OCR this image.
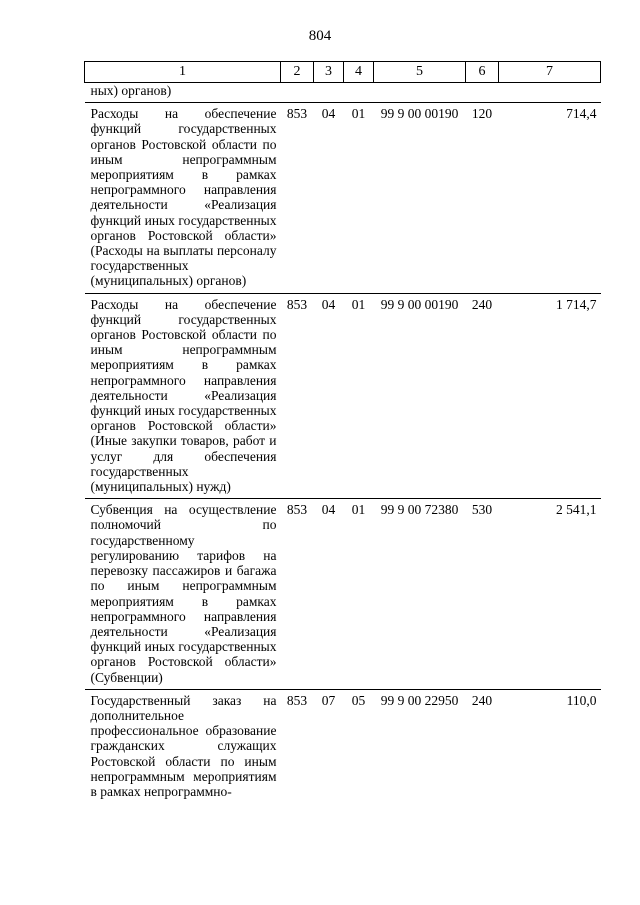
804
1	2	3	4	5	6	7
ных) органов)						
Расходы на обеспечение функций государственных органов Ростовской области по иным непрограммным мероприятиям в рамках непрограммного направления деятельности «Реализация функций иных государственных органов Ростовской области» (Расходы на выплаты персоналу государственных (муниципальных) органов)	853	04	01	99 9 00 00190	120	714,4
Расходы на обеспечение функций государственных органов Ростовской области по иным непрограммным мероприятиям в рамках непрограммного направления деятельности «Реализация функций иных государственных органов Ростовской области» (Иные закупки товаров, работ и услуг для обеспечения государственных (муниципальных) нужд)	853	04	01	99 9 00 00190	240	1 714,7
Субвенция на осуществление полномочий по государственному регулированию тарифов на перевозку пассажиров и багажа по иным непрограммным мероприятиям в рамках непрограммного направления деятельности «Реализация функций иных государственных органов Ростовской области» (Субвенции)	853	04	01	99 9 00 72380	530	2 541,1
Государственный заказ на дополнительное профессиональное образование гражданских служащих Ростовской области по иным непрограммным мероприятиям в рамках непрограммно-	853	07	05	99 9 00 22950	240	110,0
